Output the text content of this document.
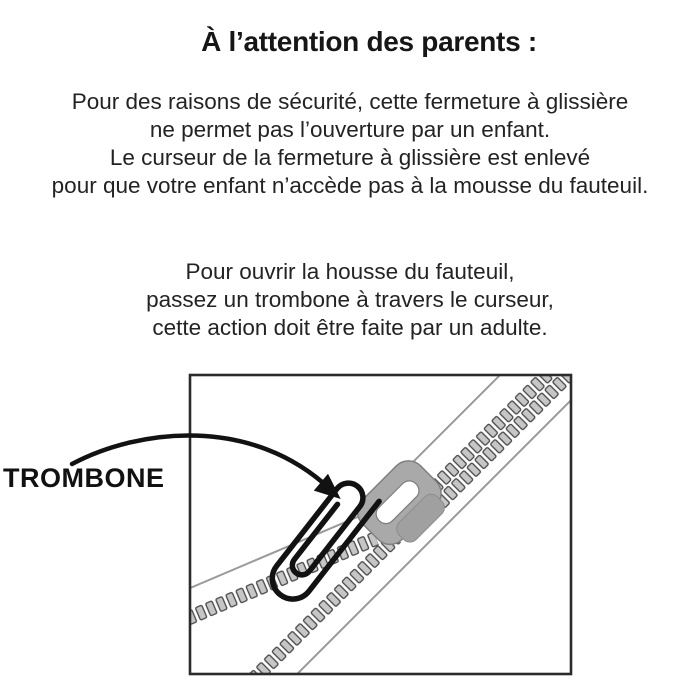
À l’attention des parents :
Pour des raisons de sécurité, cette fermeture à glissière
ne permet pas l’ouverture par un enfant.
Le curseur de la fermeture à glissière est enlevé
pour que votre enfant n’accède pas à la mousse du fauteuil.
Pour ouvrir la housse du fauteuil,
passez un trombone à travers le curseur,
cette action doit être faite par un adulte.
TROMBONE
